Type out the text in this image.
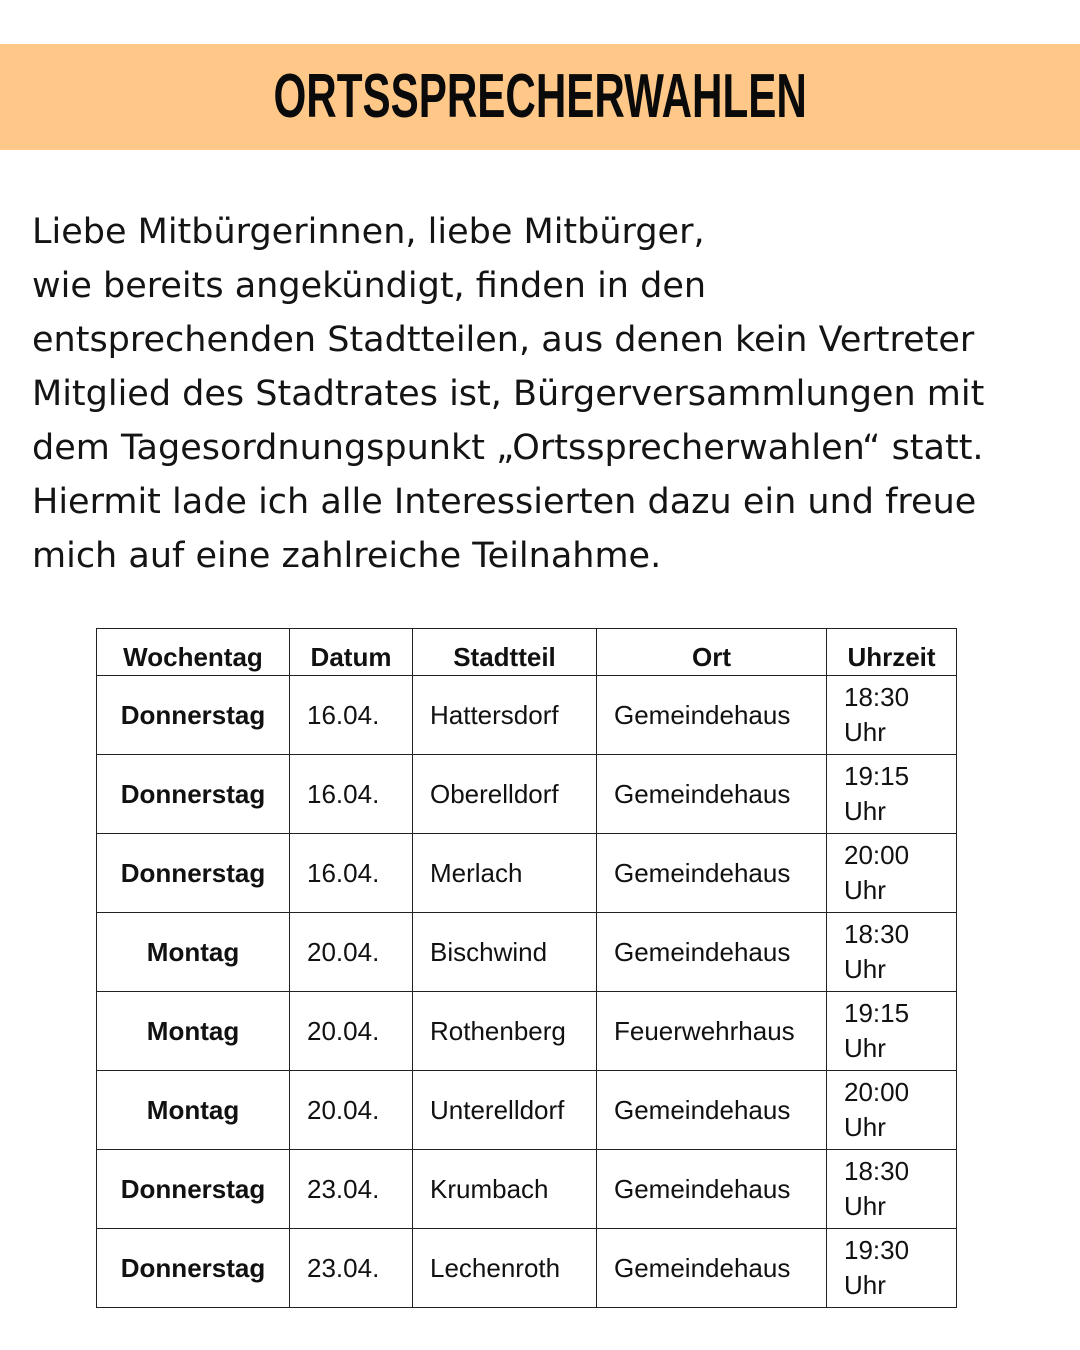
ORTSSPRECHERWAHLEN
Liebe Mitbürgerinnen, liebe Mitbürger,
wie bereits angekündigt, finden in den
entsprechenden Stadtteilen, aus denen kein Vertreter
Mitglied des Stadtrates ist, Bürgerversammlungen mit
dem Tagesordnungspunkt „Ortssprecherwahlen“ statt.
Hiermit lade ich alle Interessierten dazu ein und freue
mich auf eine zahlreiche Teilnahme.
Wochentag	Datum	Stadtteil	Ort	Uhrzeit
Donnerstag	16.04.	Hattersdorf	Gemeindehaus	18:30
Uhr

Donnerstag	16.04.	Oberelldorf	Gemeindehaus	19:15
Uhr

Donnerstag	16.04.	Merlach	Gemeindehaus	20:00
Uhr

Montag	20.04.	Bischwind	Gemeindehaus	18:30
Uhr

Montag	20.04.	Rothenberg	Feuerwehrhaus	19:15
Uhr

Montag	20.04.	Unterelldorf	Gemeindehaus	20:00
Uhr

Donnerstag	23.04.	Krumbach	Gemeindehaus	18:30
Uhr

Donnerstag	23.04.	Lechenroth	Gemeindehaus	19:30
Uhr
